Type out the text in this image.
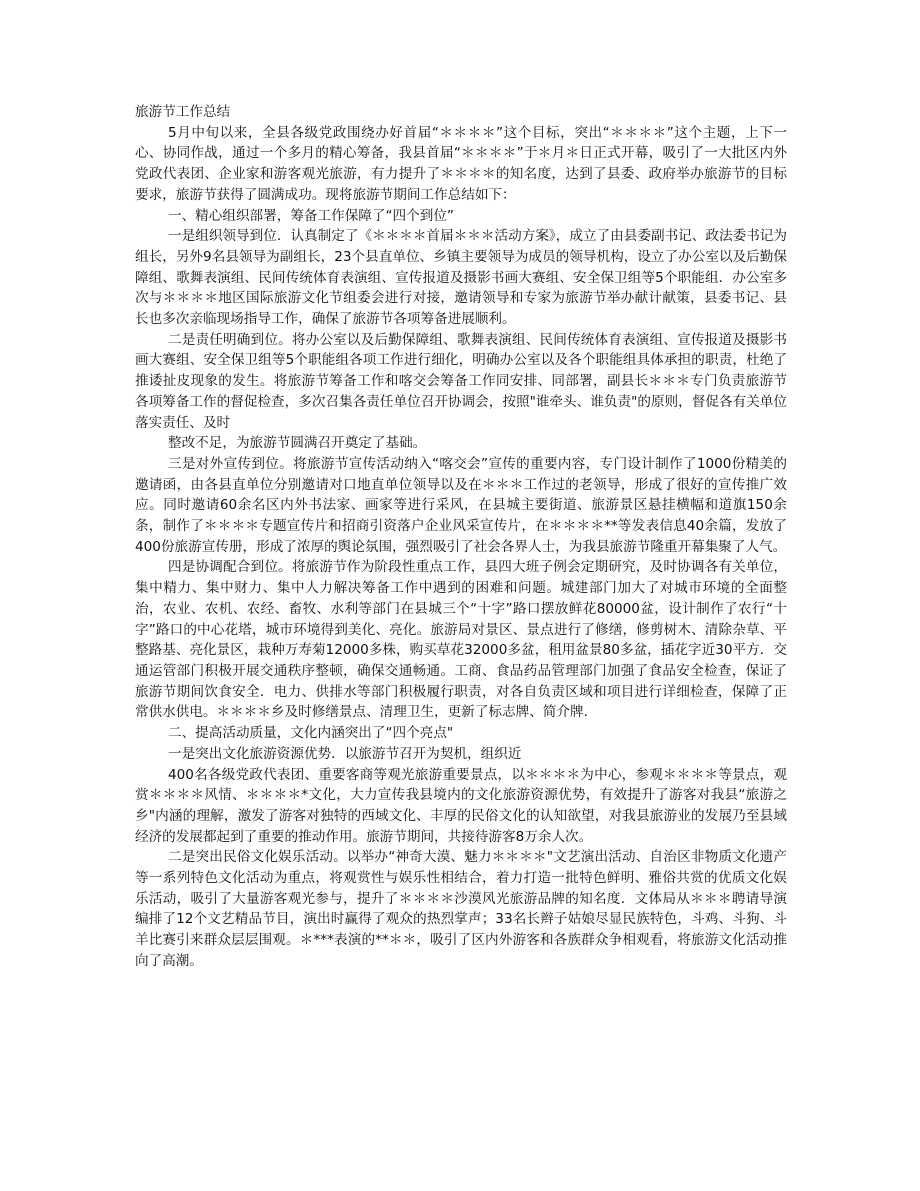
旅游节工作总结

5月中旬以来，全县各级党政围绕办好首届“＊＊＊＊”这个目标，突出“＊＊＊＊”这个主题，上下一心、协同作战，通过一个多月的精心筹备，我县首届“＊＊＊＊”于＊月＊日正式开幕，吸引了一大批区内外党政代表团、企业家和游客观光旅游，有力提升了＊＊＊＊的知名度，达到了县委、政府举办旅游节的目标要求，旅游节获得了圆满成功。现将旅游节期间工作总结如下：

一、精心组织部署，筹备工作保障了“四个到位”

一是组织领导到位．认真制定了《＊＊＊＊首届＊＊＊活动方案》，成立了由县委副书记、政法委书记为组长，另外9名县领导为副组长，23个县直单位、乡镇主要领导为成员的领导机构，设立了办公室以及后勤保障组、歌舞表演组、民间传统体育表演组、宣传报道及摄影书画大赛组、安全保卫组等5个职能组．办公室多次与＊＊＊＊地区国际旅游文化节组委会进行对接，邀请领导和专家为旅游节举办献计献策，县委书记、县长也多次亲临现场指导工作，确保了旅游节各项筹备进展顺利。

二是责任明确到位。将办公室以及后勤保障组、歌舞表演组、民间传统体育表演组、宣传报道及摄影书画大赛组、安全保卫组等5个职能组各项工作进行细化，明确办公室以及各个职能组具体承担的职责，杜绝了推诿扯皮现象的发生。将旅游节筹备工作和喀交会筹备工作同安排、同部署，副县长＊＊＊专门负责旅游节各项筹备工作的督促检查，多次召集各责任单位召开协调会，按照"谁牵头、谁负责"的原则，督促各有关单位落实责任、及时

整改不足，为旅游节圆满召开奠定了基础。

三是对外宣传到位。将旅游节宣传活动纳入“喀交会”宣传的重要内容，专门设计制作了1000份精美的邀请函，由各县直单位分别邀请对口地直单位领导以及在＊＊＊工作过的老领导，形成了很好的宣传推广效应。同时邀请60余名区内外书法家、画家等进行采风，在县城主要街道、旅游景区悬挂横幅和道旗150余条，制作了＊＊＊＊专题宣传片和招商引资落户企业风采宣传片，在＊＊＊＊**等发表信息40余篇，发放了400份旅游宣传册，形成了浓厚的舆论氛围，强烈吸引了社会各界人士，为我县旅游节隆重开幕集聚了人气。

四是协调配合到位。将旅游节作为阶段性重点工作，县四大班子例会定期研究，及时协调各有关单位，集中精力、集中财力、集中人力解决筹备工作中遇到的困难和问题。城建部门加大了对城市环境的全面整治，农业、农机、农经、畜牧、水利等部门在县城三个“十字”路口摆放鲜花80000盆，设计制作了农行“十字”路口的中心花塔，城市环境得到美化、亮化。旅游局对景区、景点进行了修缮，修剪树木、清除杂草、平整路基、亮化景区，栽种万寿菊12000多株，购买草花32000多盆，租用盆景80多盆，插花字近30平方．交通运管部门积极开展交通秩序整顿，确保交通畅通。工商、食品药品管理部门加强了食品安全检查，保证了旅游节期间饮食安全．电力、供排水等部门积极履行职责，对各自负责区域和项目进行详细检查，保障了正常供水供电。＊＊＊＊乡及时修缮景点、清理卫生，更新了标志牌、简介牌．

二、提高活动质量，文化内涵突出了“四个亮点"

一是突出文化旅游资源优势．以旅游节召开为契机，组织近

400名各级党政代表团、重要客商等观光旅游重要景点，以＊＊＊＊为中心，参观＊＊＊＊等景点，观赏＊＊＊＊风情、＊＊＊＊*文化，大力宣传我县境内的文化旅游资源优势，有效提升了游客对我县“旅游之乡"内涵的理解，激发了游客对独特的西域文化、丰厚的民俗文化的认知欲望，对我县旅游业的发展乃至县域经济的发展都起到了重要的推动作用。旅游节期间，共接待游客8万余人次。

二是突出民俗文化娱乐活动。以举办“神奇大漠、魅力＊＊＊＊"文艺演出活动、自治区非物质文化遗产等一系列特色文化活动为重点，将观赏性与娱乐性相结合，着力打造一批特色鲜明、雅俗共赏的优质文化娱乐活动，吸引了大量游客观光参与，提升了＊＊＊＊沙漠风光旅游品牌的知名度．文体局从＊＊＊聘请导演编排了12个文艺精品节目，演出时赢得了观众的热烈掌声；33名长辫子姑娘尽显民族特色，斗鸡、斗狗、斗羊比赛引来群众层层围观。＊***表演的**＊＊，吸引了区内外游客和各族群众争相观看，将旅游文化活动推向了高潮。
